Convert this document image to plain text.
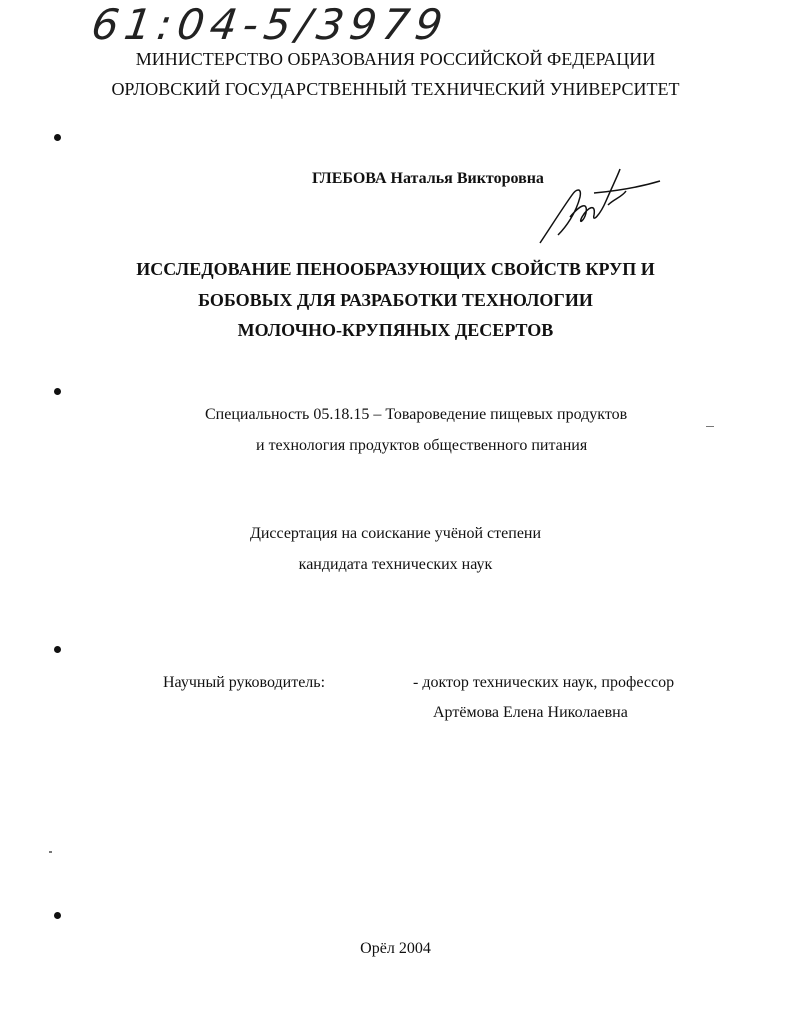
61:04-5/3979
МИНИСТЕРСТВО ОБРАЗОВАНИЯ РОССИЙСКОЙ ФЕДЕРАЦИИ
ОРЛОВСКИЙ ГОСУДАРСТВЕННЫЙ ТЕХНИЧЕСКИЙ УНИВЕРСИТЕТ
ГЛЕБОВА Наталья Викторовна
ИССЛЕДОВАНИЕ ПЕНООБРАЗУЮЩИХ СВОЙСТВ КРУП И
БОБОВЫХ ДЛЯ РАЗРАБОТКИ ТЕХНОЛОГИИ
МОЛОЧНО-КРУПЯНЫХ ДЕСЕРТОВ
Специальность 05.18.15 – Товароведение пищевых продуктов
и технология продуктов общественного питания
Диссертация на соискание учёной степени
кандидата технических наук
Научный руководитель:	- доктор технических наук, профессор
Артёмова Елена Николаевна
Орёл 2004
